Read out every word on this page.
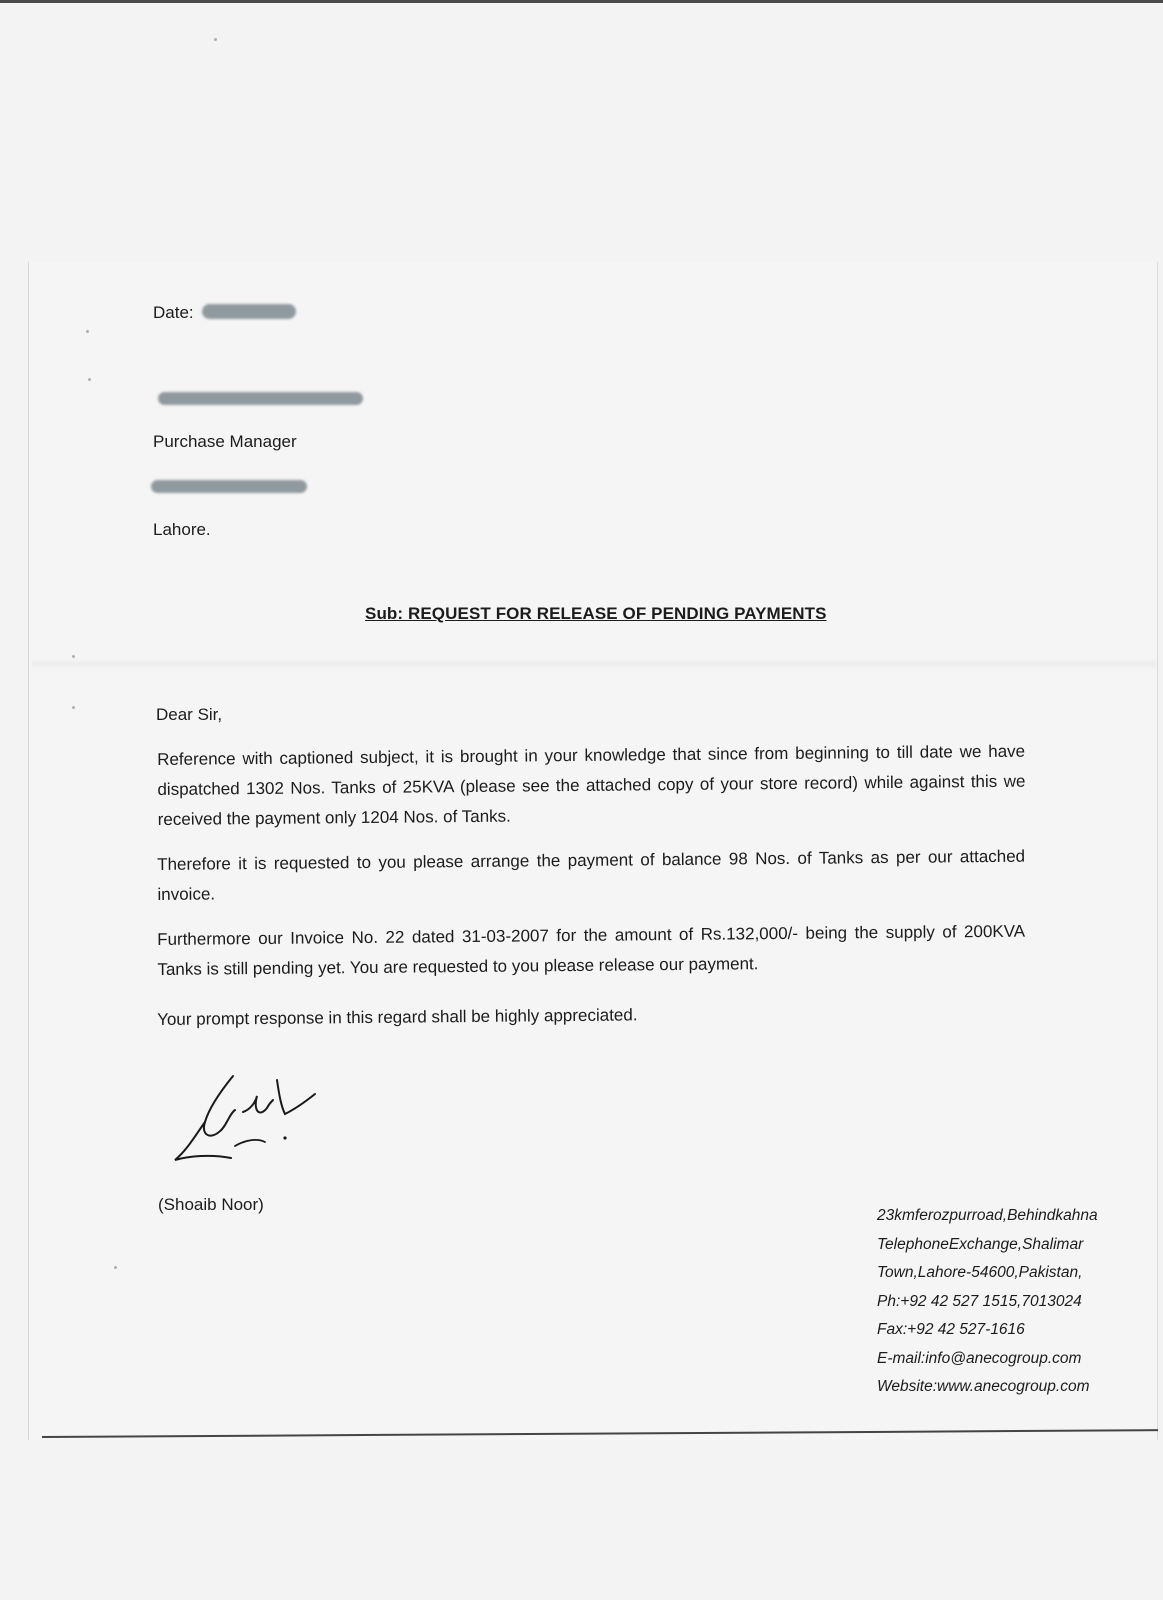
Date:
Purchase Manager
Lahore.
Sub: REQUEST FOR RELEASE OF PENDING PAYMENTS
Dear Sir,
Reference with captioned subject, it is brought in your knowledge that since from beginning to till date we have dispatched 1302 Nos. Tanks of 25KVA (please see the attached copy of your store record) while against this we received the payment only 1204 Nos. of Tanks.
Therefore it is requested to you please arrange the payment of balance 98 Nos. of Tanks as per our attached invoice.
Furthermore our Invoice No. 22 dated 31-03-2007 for the amount of Rs.132,000/- being the supply of 200KVA Tanks is still pending yet. You are requested to you please release our payment.
Your prompt response in this regard shall be highly appreciated.
(Shoaib Noor)
23kmferozpurroad,Behindkahna
TelephoneExchange,Shalimar
Town,Lahore-54600,Pakistan,
Ph:+92 42 527 1515,7013024
Fax:+92 42 527-1616
E-mail:info@anecogroup.com
Website:www.anecogroup.com
